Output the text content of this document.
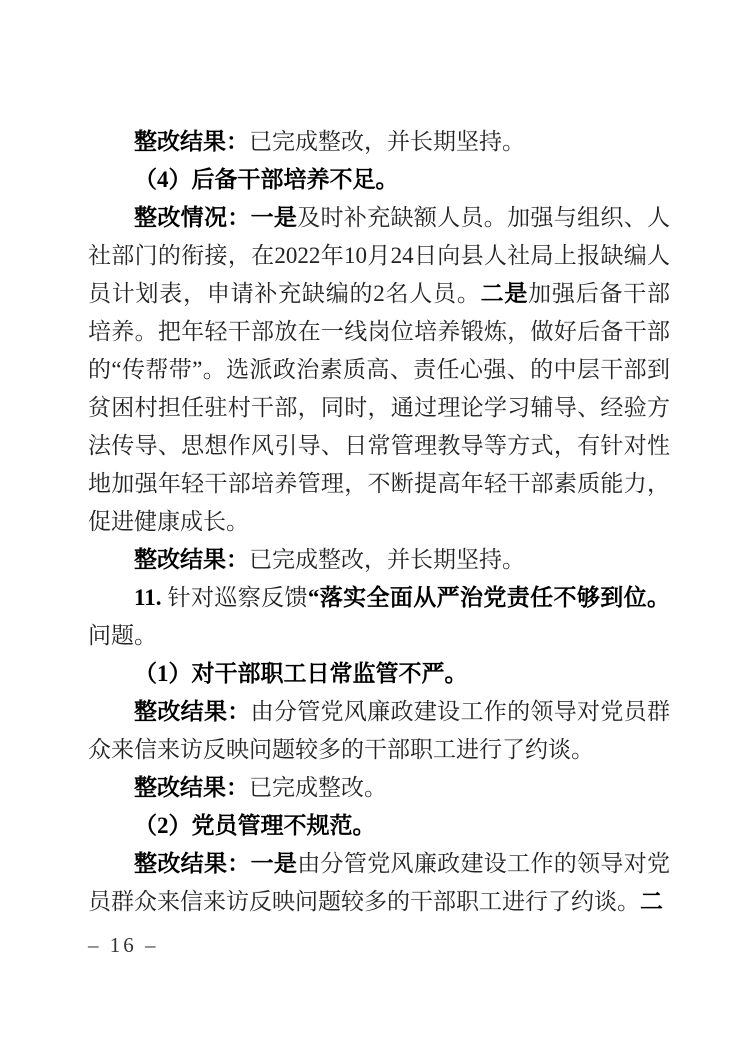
整改结果：已完成整改，并长期坚持。

（4）后备干部培养不足。

整改情况：一是及时补充缺额人员。加强与组织、人社部门的衔接，在2022年10月24日向县人社局上报缺编人员计划表，申请补充缺编的2名人员。二是加强后备干部培养。把年轻干部放在一线岗位培养锻炼，做好后备干部的“传帮带”。选派政治素质高、责任心强、的中层干部到贫困村担任驻村干部，同时，通过理论学习辅导、经验方法传导、思想作风引导、日常管理教导等方式，有针对性地加强年轻干部培养管理，不断提高年轻干部素质能力，促进健康成长。

整改结果：已完成整改，并长期坚持。

11. 针对巡察反馈“落实全面从严治党责任不够到位。问题。

（1）对干部职工日常监管不严。

整改结果：由分管党风廉政建设工作的领导对党员群众来信来访反映问题较多的干部职工进行了约谈。

整改结果：已完成整改。

（2）党员管理不规范。

整改结果：一是由分管党风廉政建设工作的领导对党员群众来信来访反映问题较多的干部职工进行了约谈。二

– 16 –
